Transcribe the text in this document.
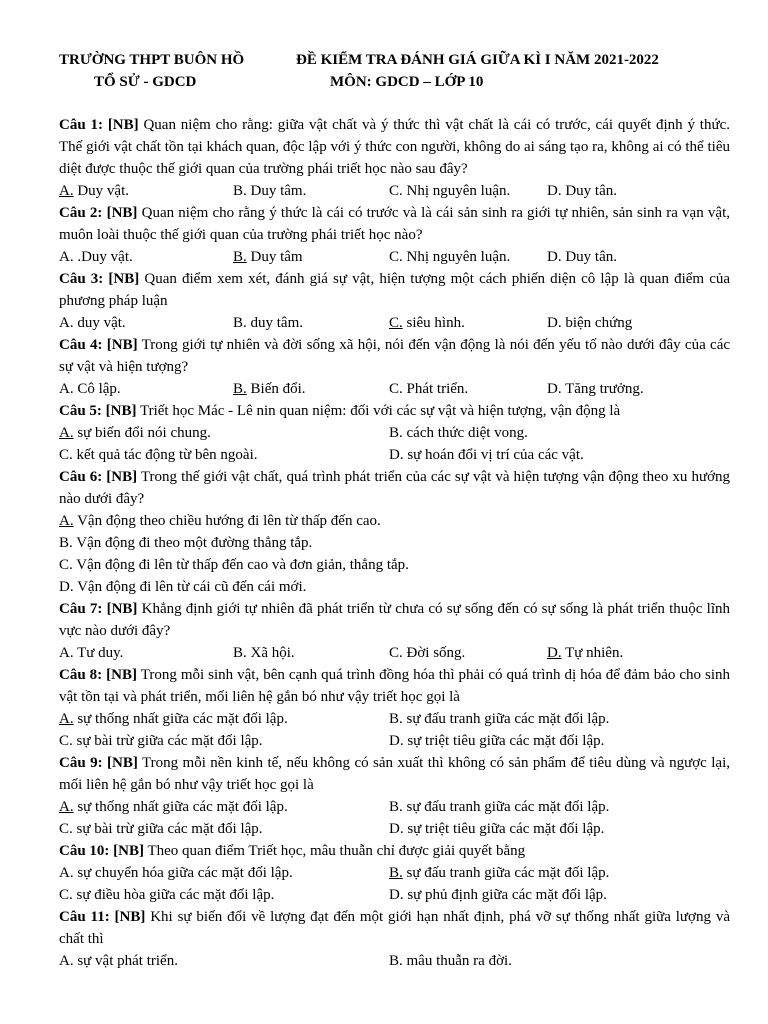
TRƯỜNG THPT BUÔN HỒ	ĐỀ KIỂM TRA ĐÁNH GIÁ GIỮA KÌ I NĂM 2021-2022
TỔ SỬ - GDCD	MÔN: GDCD – LỚP 10
Câu 1: [NB] Quan niệm cho rằng: giữa vật chất và ý thức thì vật chất là cái có trước, cái quyết định ý thức. Thế giới vật chất tồn tại khách quan, độc lập với ý thức con người, không do ai sáng tạo ra, không ai có thể tiêu diệt được thuộc thế giới quan của trường phái triết học nào sau đây?
A. Duy vật.	B. Duy tâm.	C. Nhị nguyên luận. D. Duy tân.
Câu 2: [NB] Quan niệm cho rằng ý thức là cái có trước và là cái sản sinh ra giới tự nhiên, sản sinh ra vạn vật, muôn loài thuộc thế giới quan của trường phái triết học nào?
A. .Duy vật.	B. Duy tâm	C. Nhị nguyên luận. D. Duy tân.
Câu 3: [NB] Quan điểm xem xét, đánh giá sự vật, hiện tượng một cách phiến diện cô lập là quan điểm của phương pháp luận
A. duy vật.	B. duy tâm.	C. siêu hình.	D. biện chứng
Câu 4: [NB] Trong giới tự nhiên và đời sống xã hội, nói đến vận động là nói đến yếu tố nào dưới đây của các sự vật và hiện tượng?
A. Cô lập.	B. Biến đổi.	C. Phát triển.	D. Tăng trưởng.
Câu 5: [NB] Triết học Mác - Lê nin quan niệm: đối với các sự vật và hiện tượng, vận động là
A. sự biến đổi nói chung.	B. cách thức diệt vong.
C. kết quả tác động từ bên ngoài.	D. sự hoán đổi vị trí của các vật.
Câu 6: [NB] Trong thế giới vật chất, quá trình phát triển của các sự vật và hiện tượng vận động theo xu hướng nào dưới đây?
A. Vận động theo chiều hướng đi lên từ thấp đến cao.
B. Vận động đi theo một đường thẳng tắp.
C. Vận động đi lên từ thấp đến cao và đơn giản, thẳng tắp.
D. Vận động đi lên từ cái cũ đến cái mới.
Câu 7: [NB] Khẳng định giới tự nhiên đã phát triển từ chưa có sự sống đến có sự sống là phát triển thuộc lĩnh vực nào dưới đây?
A. Tư duy.	B. Xã hội.	C. Đời sống.	D. Tự nhiên.
Câu 8: [NB] Trong mỗi sinh vật, bên cạnh quá trình đồng hóa thì phải có quá trình dị hóa để đảm bảo cho sinh vật tồn tại và phát triển, mối liên hệ gắn bó như vậy triết học gọi là
A. sự thống nhất giữa các mặt đối lập.	B. sự đấu tranh giữa các mặt đối lập.
C. sự bài trừ giữa các mặt đối lập.	D. sự triệt tiêu giữa các mặt đối lập.
Câu 9: [NB] Trong mỗi nền kinh tế, nếu không có sản xuất thì không có sản phẩm để tiêu dùng và ngược lại, mối liên hệ gắn bó như vậy triết học gọi là
A. sự thống nhất giữa các mặt đối lập.	B. sự đấu tranh giữa các mặt đối lập.
C. sự bài trừ giữa các mặt đối lập.	D. sự triệt tiêu giữa các mặt đối lập.
Câu 10: [NB] Theo quan điểm Triết học, mâu thuẫn chỉ được giải quyết bằng
A. sự chuyển hóa giữa các mặt đối lập.	B. sự đấu tranh giữa các mặt đối lập.
C. sự điều hòa giữa các mặt đối lập.	D. sự phủ định giữa các mặt đối lập.
Câu 11: [NB] Khi sự biến đổi về lượng đạt đến một giới hạn nhất định, phá vỡ sự thống nhất giữa lượng và chất thì
A. sự vật phát triển.	B. mâu thuẫn ra đời.
